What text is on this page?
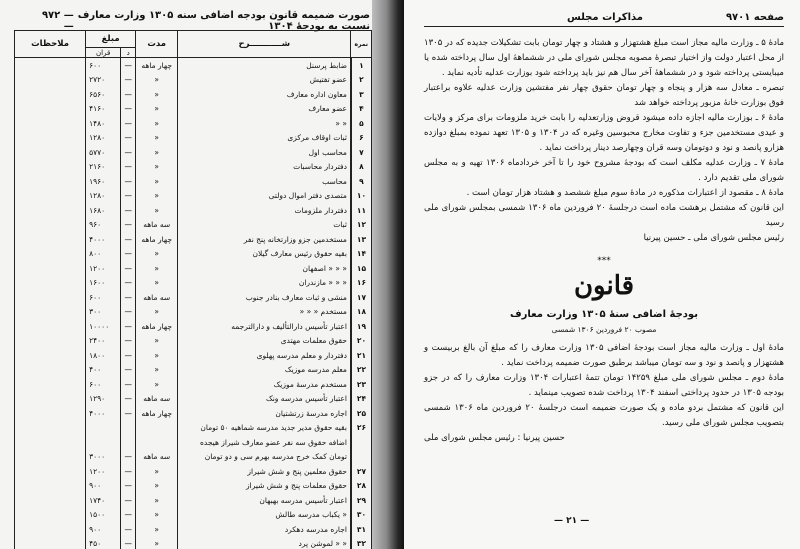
صورت ضمیمه قانون بودجه اضافی سنه ۱۳۰۵ وزارت معارف نسبت به بودجهٔ ۱۳۰۴
— ۹۷۲ —
نمره	شـــــــــــرح	مدت	مبلغ		ملاحظات
			د	قران	
۱	ضابط پرسنل	چهار ماهه	—	۶۰۰	
۲	عضو تفتیش	«	—	۲۷۲۰	
۳	معاون اداره معارف	«	—	۶۵۶۰	
۴	عضو معارف	«	—	۴۱۶۰	
۵	« «	«	—	۱۴۸۰	
۶	ثبات اوقاف مرکزی	«	—	۱۲۸۰	
۷	محاسب اول	«	—	۵۷۷۰	
۸	دفتردار محاسبات	«	—	۲۱۶۰	
۹	محاسب	«	—	۱۹۶۰	
۱۰	متصدی دفتر اموال دولتی	«	—	۱۲۸۰	
۱۱	دفتردار ملزومات	«	—	۱۶۸۰	
۱۲	ثبات	سه ماهه	—	۹۶۰	
۱۳	مستخدمین جزو وزارتخانه پنج نفر	چهار ماهه	—	۴۰۰۰	
۱۴	بقیه حقوق رئیس معارف گیلان	«	—	۸۰۰	
۱۵	« « « اصفهان	«	—	۱۲۰۰	
۱۶	« « « مازندران	«	—	۱۶۰۰	
۱۷	منشی و ثبات معارف بنادر جنوب	سه ماهه	—	۶۰۰	
۱۸	مستخدم « « «	«	—	۳۰۰	
۱۹	اعتبار تأسیس دارالتألیف و دارالترجمه	چهار ماهه	—	۱۰۰۰۰	
۲۰	حقوق معلمات مهتدی	«	—	۲۴۰۰	
۲۱	دفتردار و معلم مدرسه پهلوی	«	—	۱۸۰۰	
۲۲	معلم مدرسه موزیک	«	—	۴۰۰	
۲۳	مستخدم مدرسهٔ موزیک	«	—	۶۰۰	
۲۴	اعتبار تأسیس مدرسه ونک	سه ماهه	—	۱۲۹۰	
۲۵	اجاره مدرسهٔ زرتشتیان	چهار ماهه	—	۴۰۰۰	
۲۶	بقیه حقوق مدیر جدید مدرسه شماهیه ۵۰ تومان				
	اضافه حقوق سه نفر عضو معارف شیراز هیجده				
	تومان کمک خرج مدرسه بهرم سی و دو تومان	سه ماهه	—	۳۰۰۰	
۲۷	حقوق معلمین پنج و شش شیراز	«	—	۱۲۰۰	
۲۸	حقوق معلمات پنج و شش شیراز	«	—	۹۰۰	
۲۹	اعتبار تأسیس مدرسه بهبهان	«	—	۱۷۴۰	
۳۰	« یکباب مدرسه طالش	«	—	۱۵۰۰	
۳۱	اجاره مدرسه دهکرد	«	—	۹۰۰	
۳۲	« « لموشن پرد	«	—	۴۵۰	
صفحه ۹۷۰۱
مذاکرات مجلس

مادهٔ ۵ ـ وزارت مالیه مجاز است مبلغ هشتهزار و هشتاد و چهار تومان بابت تشکیلات جدیده که در ۱۳۰۵ از محل اعتبار دولت واز اختیار تبصرهٔ مصوبه مجلس شورای ملی در ششماههٔ اول سال پرداخته شده یا میبایستی پرداخته شود و در ششماههٔ آخر سال هم نیز باید پرداخته شود بوزارت عدلیه تأدیه نماید .

تبصره ـ معادل سه هزار و پنجاه و چهار تومان حقوق چهار نفر مفتشین وزارت عدلیه علاوه براعتبار فوق بوزارت خانهٔ مزبور پرداخته خواهد شد

مادهٔ ۶ ـ بوزارت مالیه اجازه داده میشود قروض وزارتعدلیه را بابت خرید ملزومات برای مرکز و ولایات و عیدی مستخدمین جزء و تفاوت مخارج محبوسین وغیره که در ۱۳۰۴ و ۱۳۰۵ تعهد نموده بمبلغ دوازده هزارو پانصد و نود و دوتومان وسه قران وچهارصد دینار پرداخت نماید .

مادهٔ ۷ ـ وزارت عدلیه مکلف است که بودجهٔ مشروح خود را تا آخر خردادماه ۱۳۰۶ تهیه و به مجلس شورای ملی تقدیم دارد .

مادهٔ ۸ ـ مقصود از اعتبارات مذکوره در مادهٔ سوم مبلغ ششصد و هشتاد هزار تومان است .

این قانون که مشتمل برهشت ماده است درجلسهٔ ۲۰ فروردین ماه ۱۳۰۶ شمسی بمجلس شورای ملی رسید

رئیس مجلس شورای ملی ـ حسین پیرنیا

***
قانون
بودجهٔ اضافی سنهٔ ۱۳۰۵ وزارت معارف
مصوب ۲۰ فروردین ۱۳۰۶ شمسی

مادهٔ اول ـ وزارت مالیه مجاز است بودجهٔ اضافی ۱۳۰۵ وزارت معارف را که مبلغ آن بالغ بربیست و هشتهزار و پانصد و نود و سه تومان میباشد برطبق صورت ضمیمه پرداخت نماید .

مادهٔ دوم ـ مجلس شورای ملی مبلغ ۱۴۲۵۹ تومان تتمهٔ اعتبارات ۱۳۰۴ وزارت معارف را که در جزو بودجه ۱۳۰۵ در حدود پرداختی اسفند ۱۳۰۴ پرداخت شده تصویب مینماید .

این قانون که مشتمل بردو ماده و یک صورت ضمیمه است درجلسهٔ ۲۰ فروردین ماه ۱۳۰۶ شمسی بتصویب مجلس شورای ملی رسید.

حسین پیرنیا : رئیس مجلس شورای ملی

— ۲۱ —
